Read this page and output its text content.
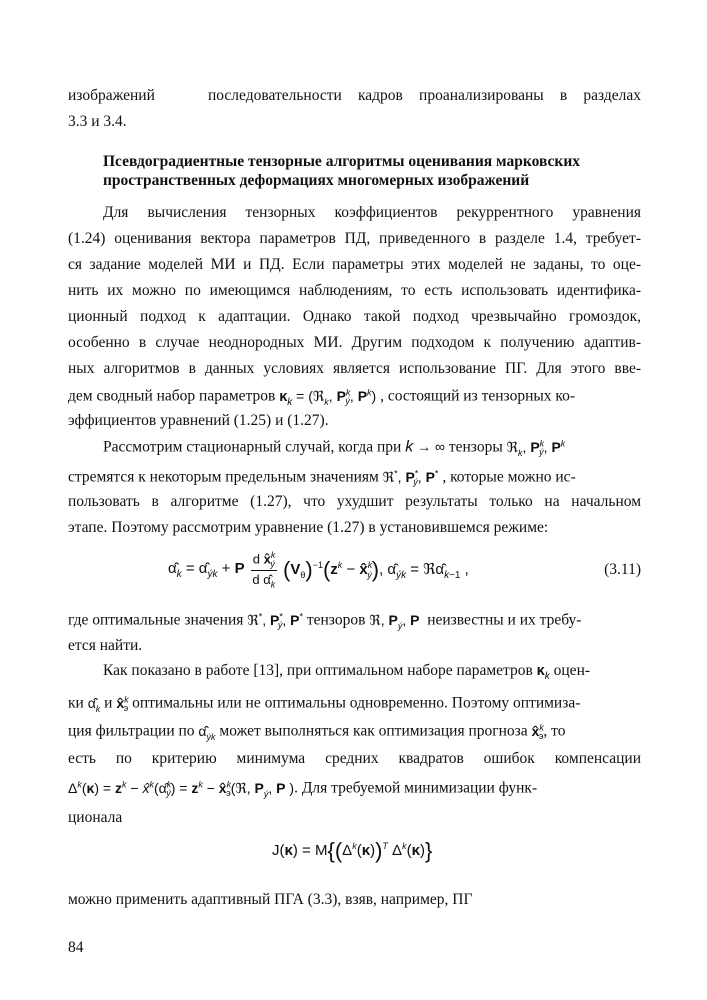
изображений	последовательности кадров проанализированы в разделах
3.3 и 3.4.
Псевдоградиентные тензорные алгоритмы оценивания марковских
пространственных деформациях многомерных изображений
Для вычисления тензорных коэффициентов рекуррентного уравнения
(1.24) оценивания вектора параметров ПД, приведенного в разделе 1.4, требует-
ся задание моделей МИ и ПД. Если параметры этих моделей не заданы, то оце-
нить их можно по имеющимся наблюдениям, то есть использовать идентифика-
ционный подход к адаптации. Однако такой подход чрезвычайно громоздок,
особенно в случае неоднородных МИ. Другим подходом к получению адаптив-
ных алгоритмов в данных условиях является использование ПГ. Для этого вве-
дем сводный набор параметров $\kappa_k$ = (ℜ$_k$, $P^k_ý$, $P^k$) , состоящий из тензорных ко-
эффициентов уравнений (1.25) и (1.27).
Рассмотрим стационарный случай, когда при k → ∞ тензоры ℜ$_k$, $P^k_ý$, $P^k$
стремятся к некоторым предельным значениям ℜ*, $P^*_ý$, P* , которые можно ис-
пользовать в алгоритме (1.27), что ухудшит результаты только на начальном
этапе. Поэтому рассмотрим уравнение (1.27) в установившемся режиме:
$\alphâ̂_k$ = $\alphâ̂_{ýk} + P \frac{d x̂^k_ý}{d \alphâ̂_k} (V_\theta)^{-1}(z^k$ − x̂$^k_ý$), $\alphâ̂_{ýk}$ = $ℜ\alphâ̂_{k-1}$ ,	(3.11)
где оптимальные значения ℜ*, $P^*_ý$, P* тензоров ℜ, $P_ý$, P неизвестны и их требу-
ется найти.
Как показано в работе [13], при оптимальном наборе параметров $\kappa_k$ оцен-
ки $\alphâ̂_k$ и x̂$^k_э$ оптимальны или не оптимальны одновременно. Поэтому оптимиза-
ция фильтрации по $\alphâ̂_{ýk}$ может выполняться как оптимизация прогноза x̂$^k_э$, то
есть по критерию минимума средних квадратов ошибок компенсации
$\Delta^k(\kappa) = z^k$ − x̂$^k$(α̂$^k_ý$) = $z^k$ − x̂$^k_э$(ℜ, $P_ý$, P ). Для требуемой минимизации функ-
ционала
$J(\kappa) = M\{(\Delta^k(\kappa))^T$ $\Delta^k(\kappa)$}
можно применить адаптивный ПГА (3.3), взяв, например, ПГ
84
